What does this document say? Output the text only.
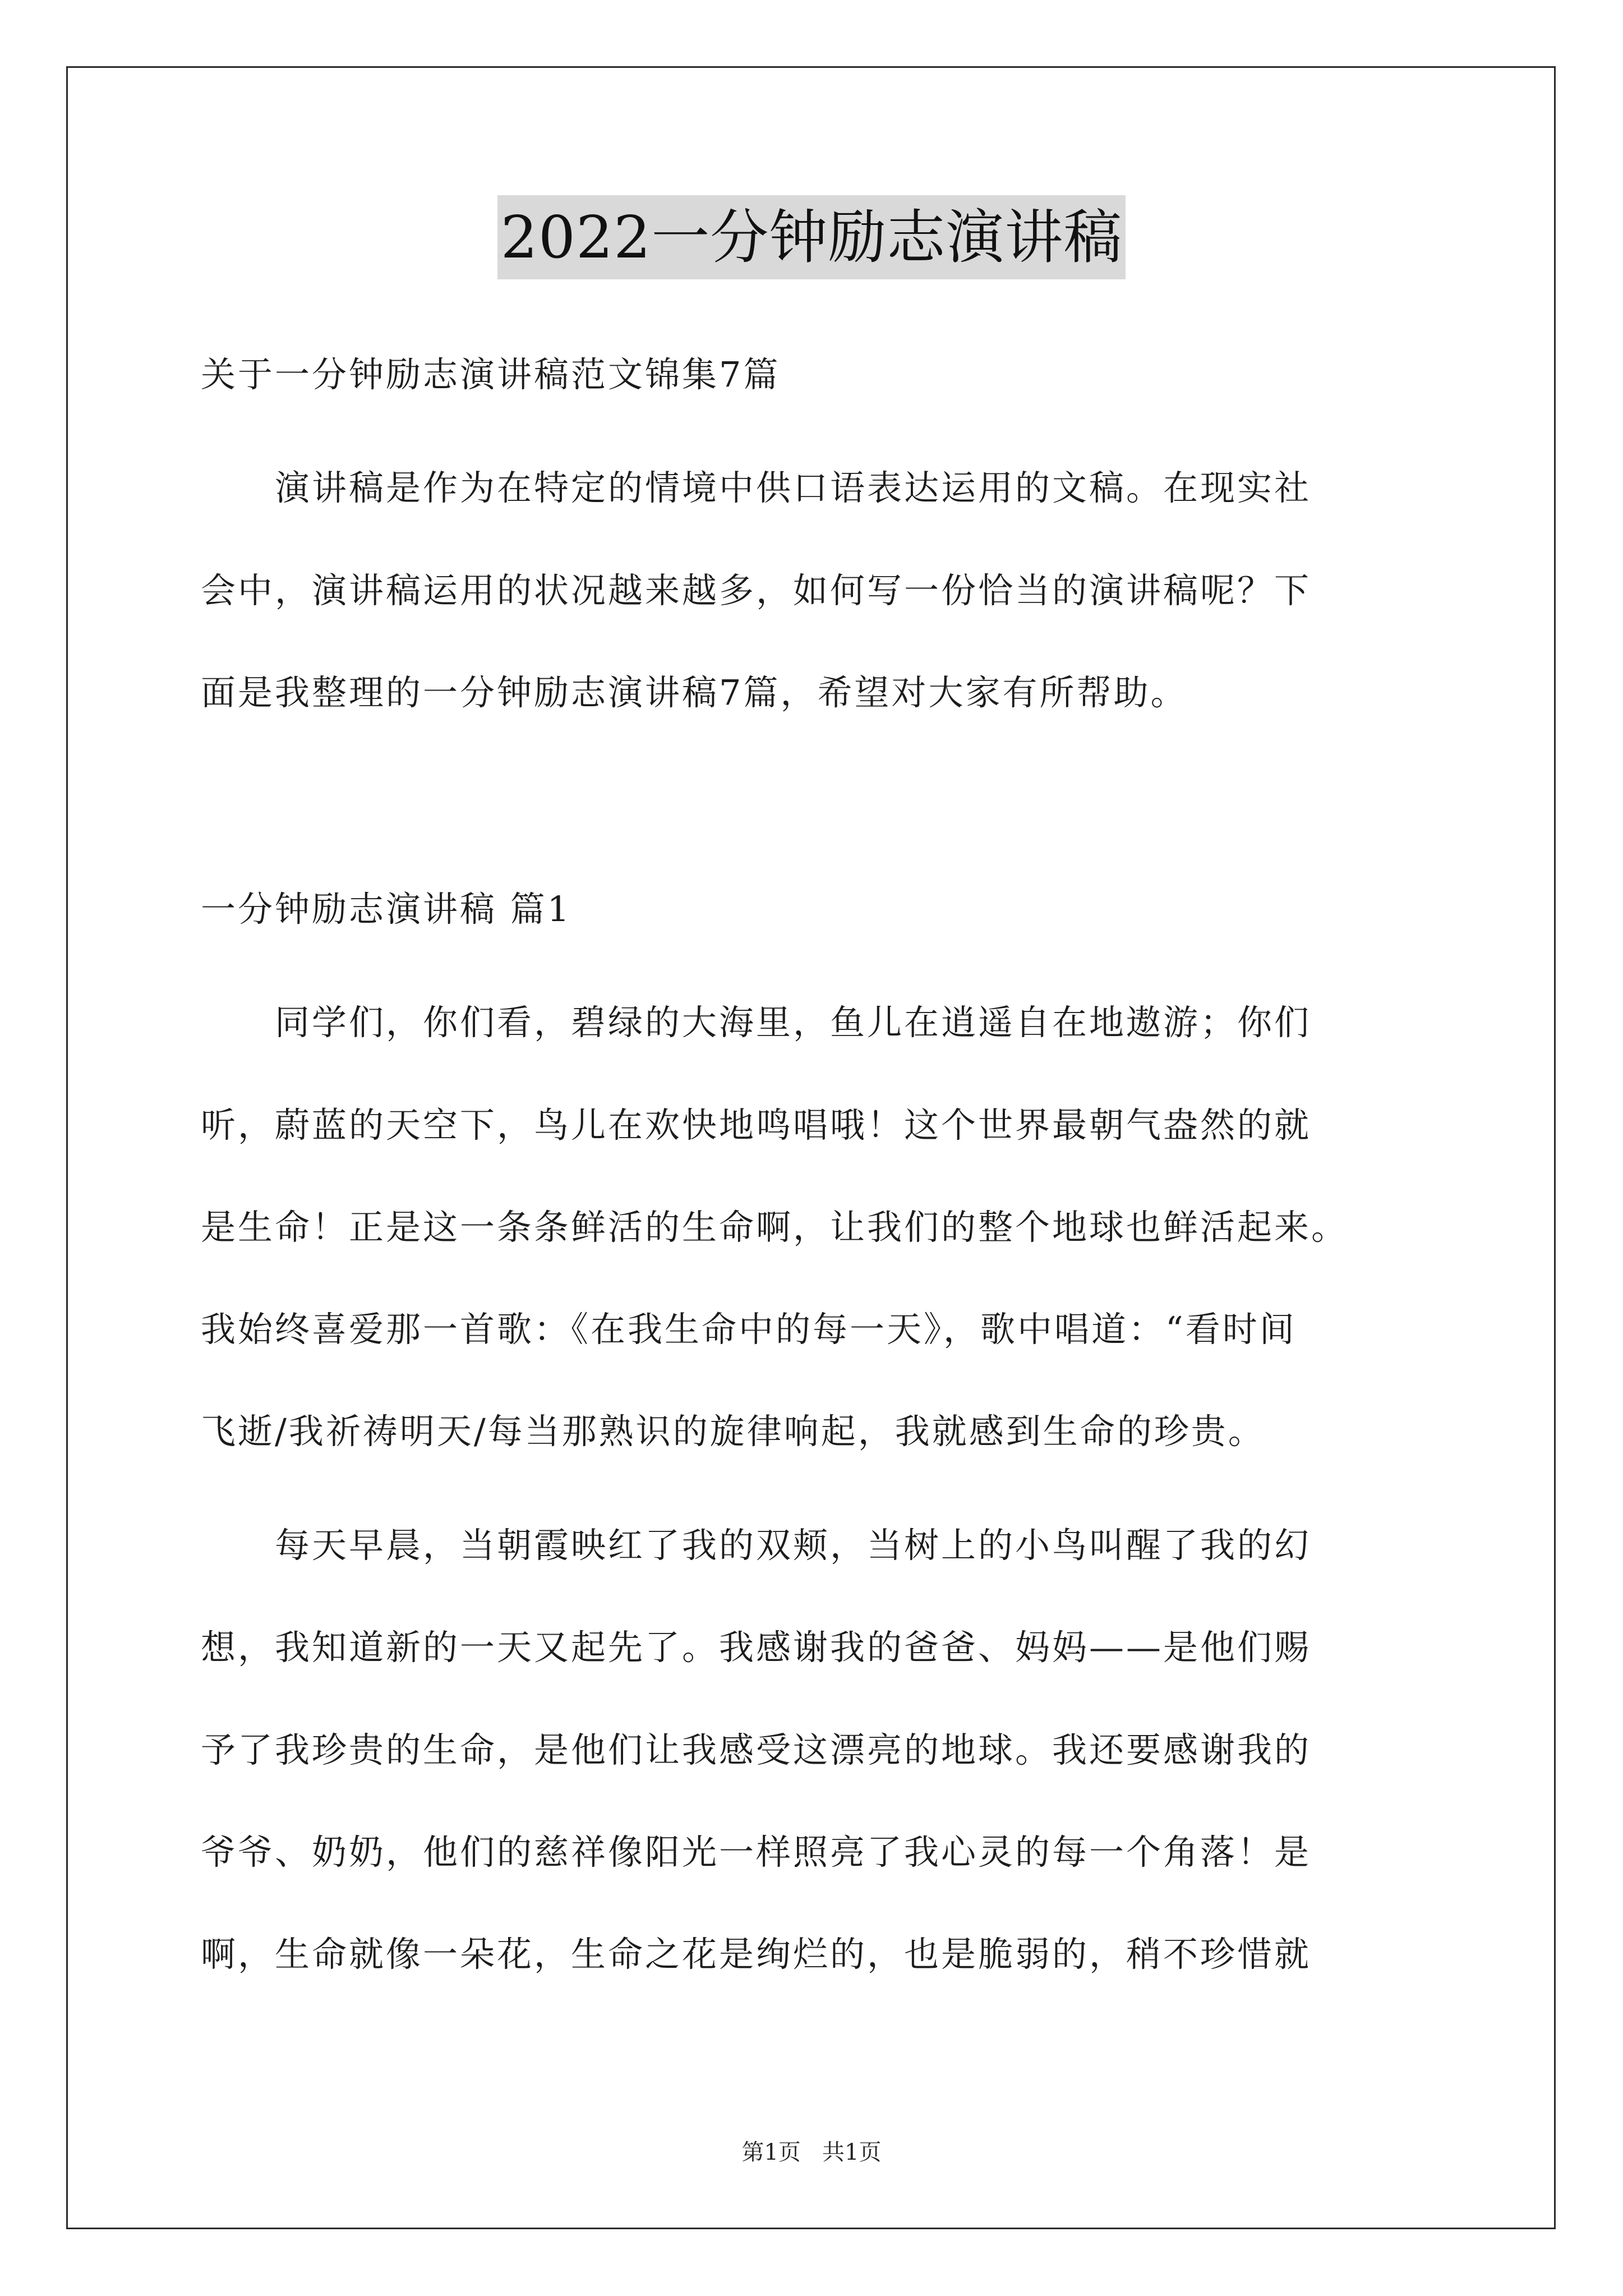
2022一分钟励志演讲稿
关于一分钟励志演讲稿范文锦集7篇
演讲稿是作为在特定的情境中供口语表达运用的文稿。在现实社
会中，演讲稿运用的状况越来越多，如何写一份恰当的演讲稿呢？下
面是我整理的一分钟励志演讲稿7篇，希望对大家有所帮助。
一分钟励志演讲稿 篇1
同学们，你们看，碧绿的大海里，鱼儿在逍遥自在地遨游；你们
听，蔚蓝的天空下，鸟儿在欢快地鸣唱哦！这个世界最朝气盎然的就
是生命！正是这一条条鲜活的生命啊，让我们的整个地球也鲜活起来。
我始终喜爱那一首歌：《在我生命中的每一天》，歌中唱道：“看时间
飞逝/我祈祷明天/每当那熟识的旋律响起，我就感到生命的珍贵。
每天早晨，当朝霞映红了我的双颊，当树上的小鸟叫醒了我的幻
想，我知道新的一天又起先了。我感谢我的爸爸、妈妈——是他们赐
予了我珍贵的生命，是他们让我感受这漂亮的地球。我还要感谢我的
爷爷、奶奶，他们的慈祥像阳光一样照亮了我心灵的每一个角落！是
啊，生命就像一朵花，生命之花是绚烂的，也是脆弱的，稍不珍惜就
第1页   共1页
